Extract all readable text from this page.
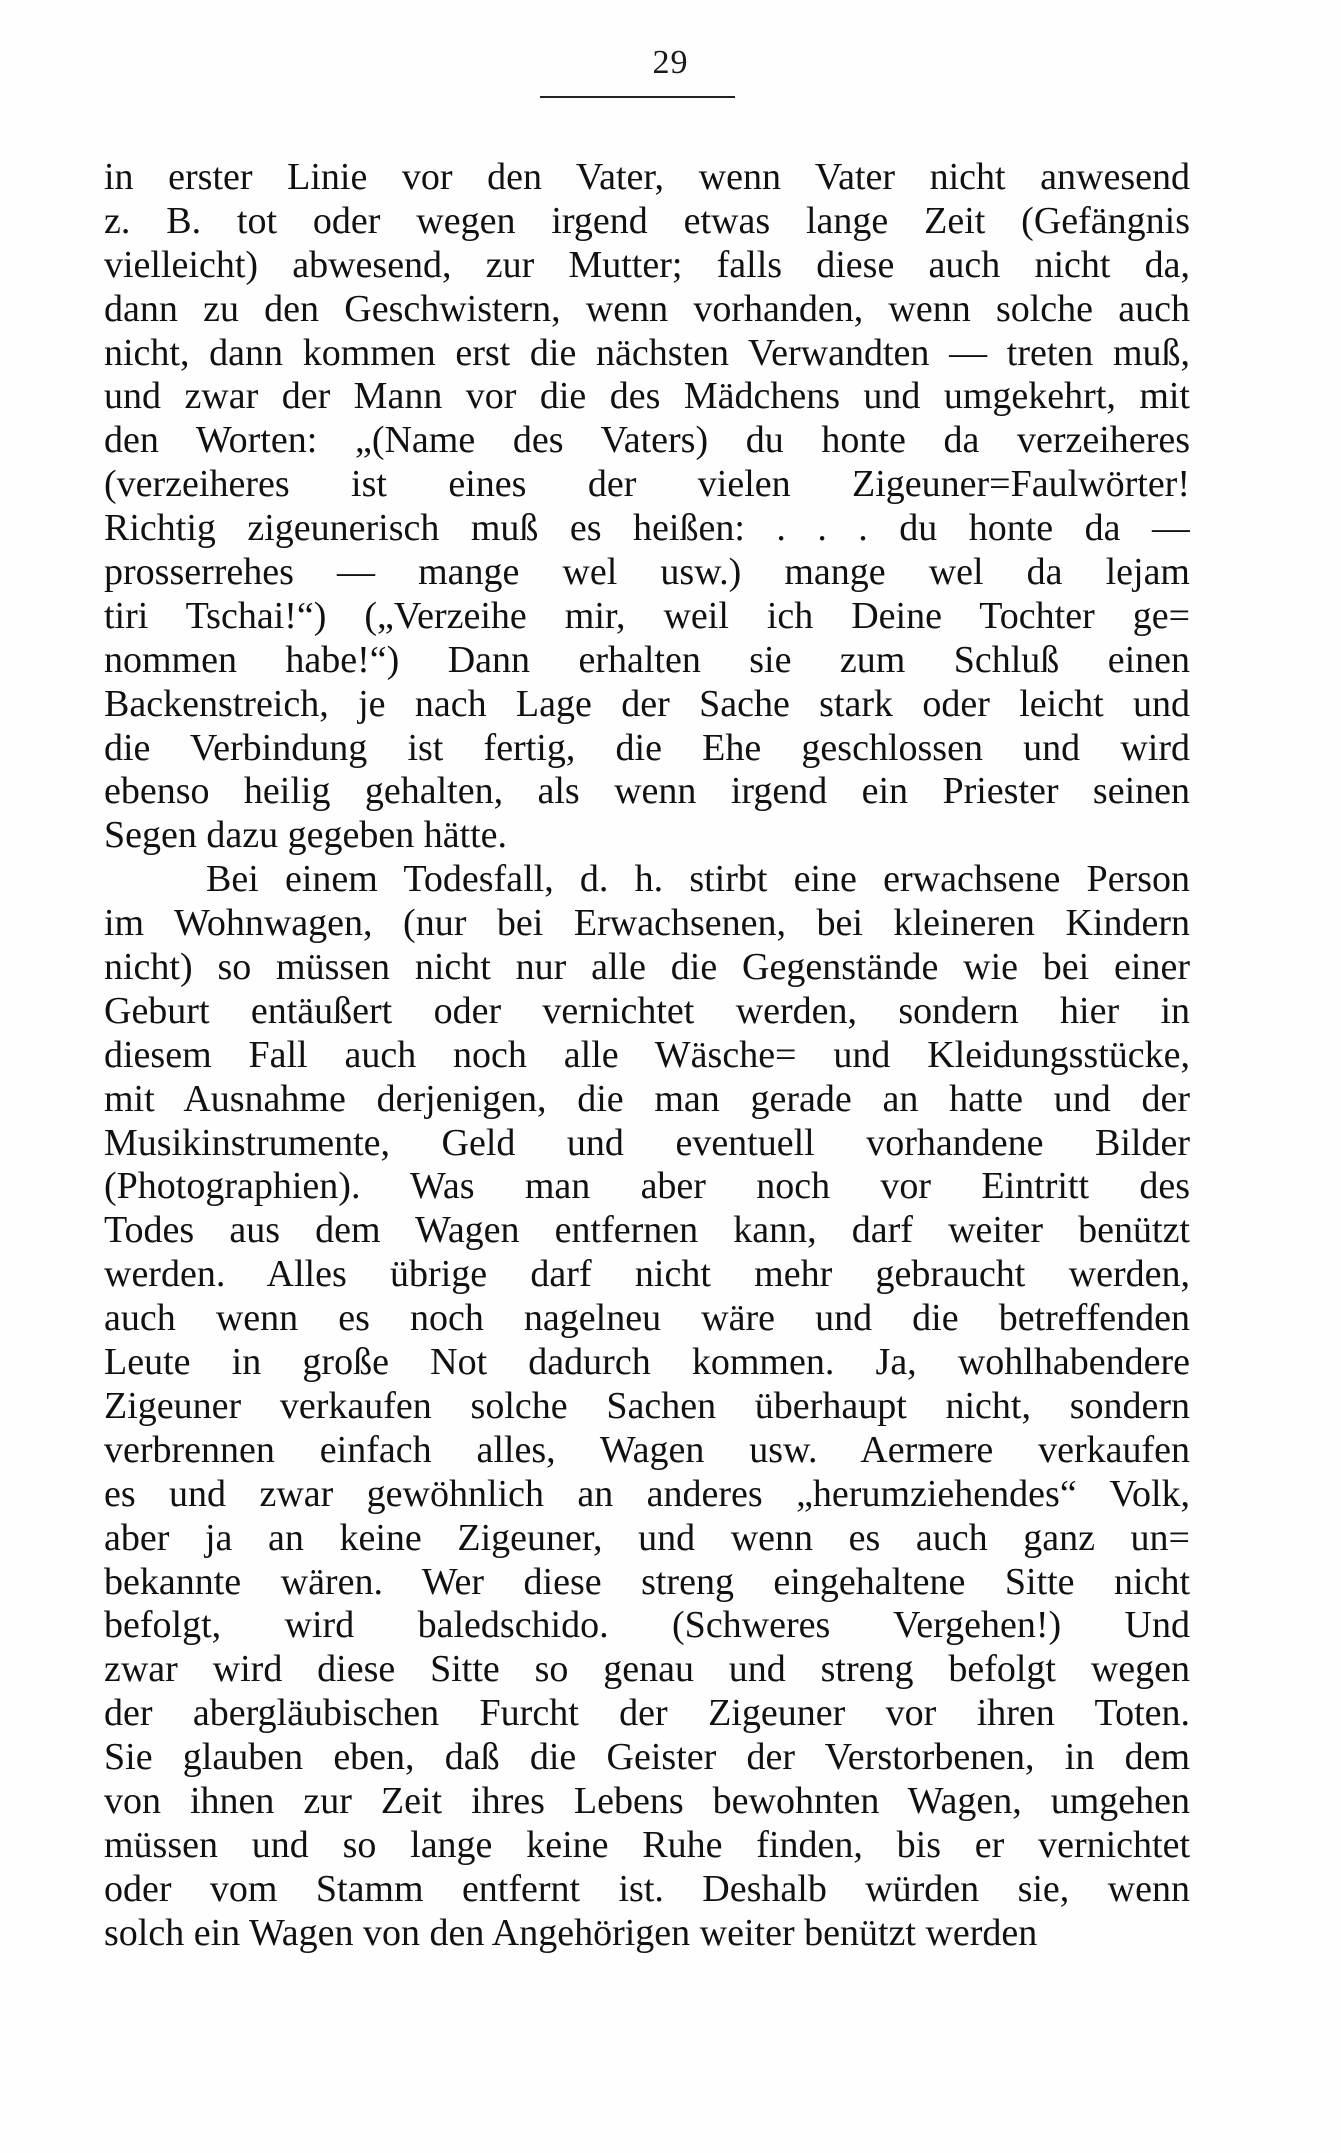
29
in erster Linie vor den Vater, wenn Vater nicht anwesend
z. B. tot oder wegen irgend etwas lange Zeit (Gefängnis
vielleicht) abwesend, zur Mutter; falls diese auch nicht da,
dann zu den Geschwistern, wenn vorhanden, wenn solche auch
nicht, dann kommen erst die nächsten Verwandten — treten muß,
und zwar der Mann vor die des Mädchens und umgekehrt, mit
den Worten: „(Name des Vaters) du honte da verzeiheres
(verzeiheres ist eines der vielen Zigeuner=Faulwörter!
Richtig zigeunerisch muß es heißen: . . . du honte da —
prosserrehes — mange wel usw.) mange wel da lejam
tiri Tschai!“) („Verzeihe mir, weil ich Deine Tochter ge=
nommen habe!“) Dann erhalten sie zum Schluß einen
Backenstreich, je nach Lage der Sache stark oder leicht und
die Verbindung ist fertig, die Ehe geschlossen und wird
ebenso heilig gehalten, als wenn irgend ein Priester seinen
Segen dazu gegeben hätte.
Bei einem Todesfall, d. h. stirbt eine erwachsene Person
im Wohnwagen, (nur bei Erwachsenen, bei kleineren Kindern
nicht) so müssen nicht nur alle die Gegenstände wie bei einer
Geburt entäußert oder vernichtet werden, sondern hier in
diesem Fall auch noch alle Wäsche= und Kleidungsstücke,
mit Ausnahme derjenigen, die man gerade an hatte und der
Musikinstrumente, Geld und eventuell vorhandene Bilder
(Photographien). Was man aber noch vor Eintritt des
Todes aus dem Wagen entfernen kann, darf weiter benützt
werden. Alles übrige darf nicht mehr gebraucht werden,
auch wenn es noch nagelneu wäre und die betreffenden
Leute in große Not dadurch kommen. Ja, wohlhabendere
Zigeuner verkaufen solche Sachen überhaupt nicht, sondern
verbrennen einfach alles, Wagen usw. Aermere verkaufen
es und zwar gewöhnlich an anderes „herumziehendes“ Volk,
aber ja an keine Zigeuner, und wenn es auch ganz un=
bekannte wären. Wer diese streng eingehaltene Sitte nicht
befolgt, wird baledschido. (Schweres Vergehen!) Und
zwar wird diese Sitte so genau und streng befolgt wegen
der abergläubischen Furcht der Zigeuner vor ihren Toten.
Sie glauben eben, daß die Geister der Verstorbenen, in dem
von ihnen zur Zeit ihres Lebens bewohnten Wagen, umgehen
müssen und so lange keine Ruhe finden, bis er vernichtet
oder vom Stamm entfernt ist. Deshalb würden sie, wenn
solch ein Wagen von den Angehörigen weiter benützt werden
